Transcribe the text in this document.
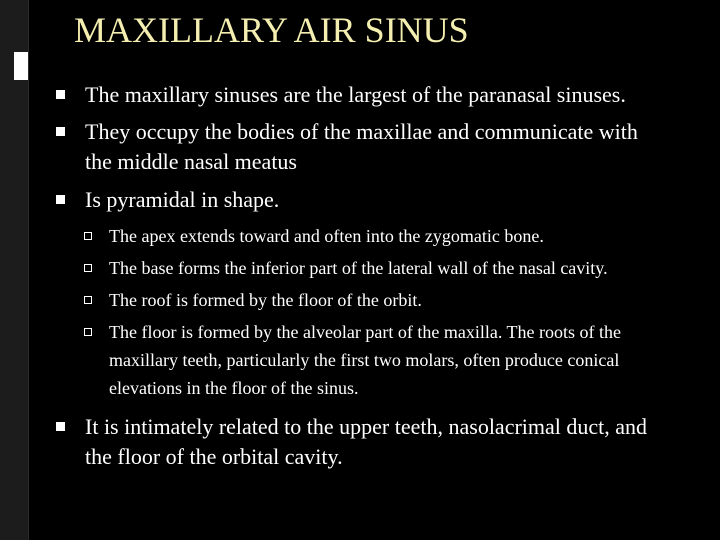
MAXILLARY AIR SINUS
The maxillary sinuses are the largest of the paranasal sinuses.
They occupy the bodies of the maxillae and communicate with the middle nasal meatus
Is pyramidal in shape.
The apex extends toward and often into the zygomatic bone.
The base forms the inferior part of the lateral wall of the nasal cavity.
The roof is formed by the floor of the orbit.
The floor is formed by the alveolar part of the maxilla. The roots of the maxillary teeth, particularly the first two molars, often produce conical elevations in the floor of the sinus.
It is intimately related to the upper teeth, nasolacrimal duct, and the floor of the orbital cavity.
